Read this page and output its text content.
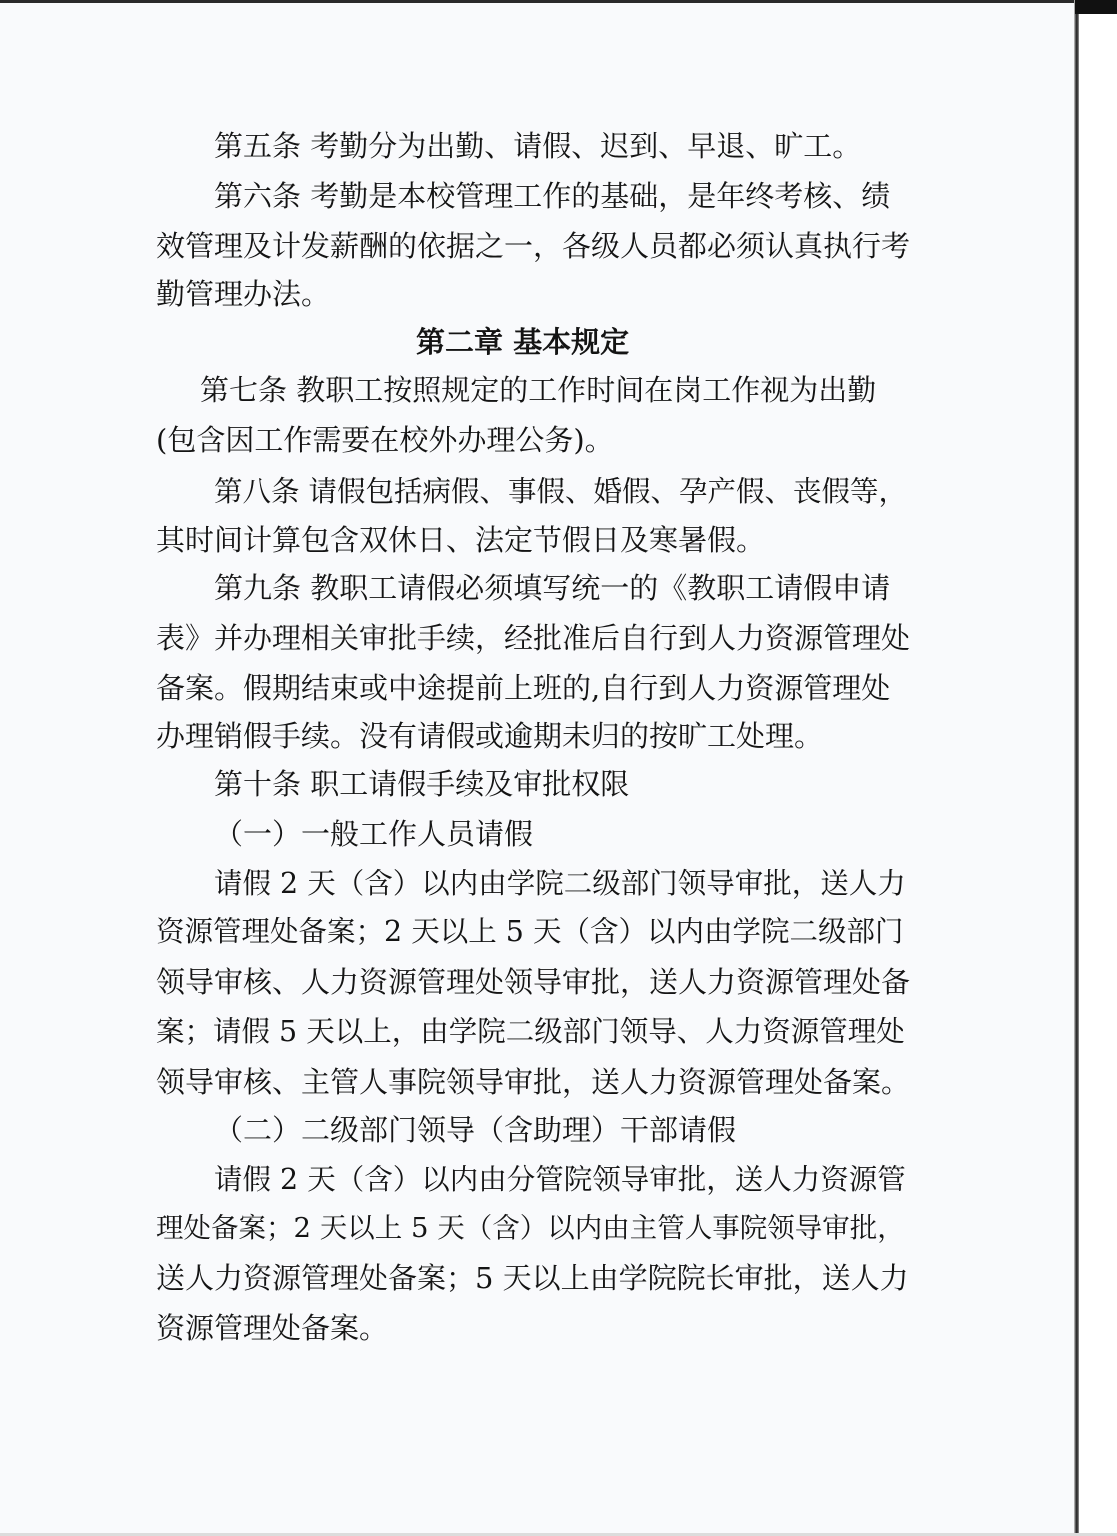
第五条 考勤分为出勤、请假、迟到、早退、旷工。
第六条 考勤是本校管理工作的基础，是年终考核、绩
效管理及计发薪酬的依据之一，各级人员都必须认真执行考
勤管理办法。
第二章 基本规定
第七条 教职工按照规定的工作时间在岗工作视为出勤
(包含因工作需要在校外办理公务)。
第八条 请假包括病假、事假、婚假、孕产假、丧假等，
其时间计算包含双休日、法定节假日及寒暑假。
第九条 教职工请假必须填写统一的《教职工请假申请
表》并办理相关审批手续，经批准后自行到人力资源管理处
备案。假期结束或中途提前上班的,自行到人力资源管理处
办理销假手续。没有请假或逾期未归的按旷工处理。
第十条 职工请假手续及审批权限
（一）一般工作人员请假
请假 2 天（含）以内由学院二级部门领导审批，送人力
资源管理处备案；2 天以上 5 天（含）以内由学院二级部门
领导审核、人力资源管理处领导审批，送人力资源管理处备
案；请假 5 天以上，由学院二级部门领导、人力资源管理处
领导审核、主管人事院领导审批，送人力资源管理处备案。
（二）二级部门领导（含助理）干部请假
请假 2 天（含）以内由分管院领导审批，送人力资源管
理处备案；2 天以上 5 天（含）以内由主管人事院领导审批，
送人力资源管理处备案；5 天以上由学院院长审批，送人力
资源管理处备案。
